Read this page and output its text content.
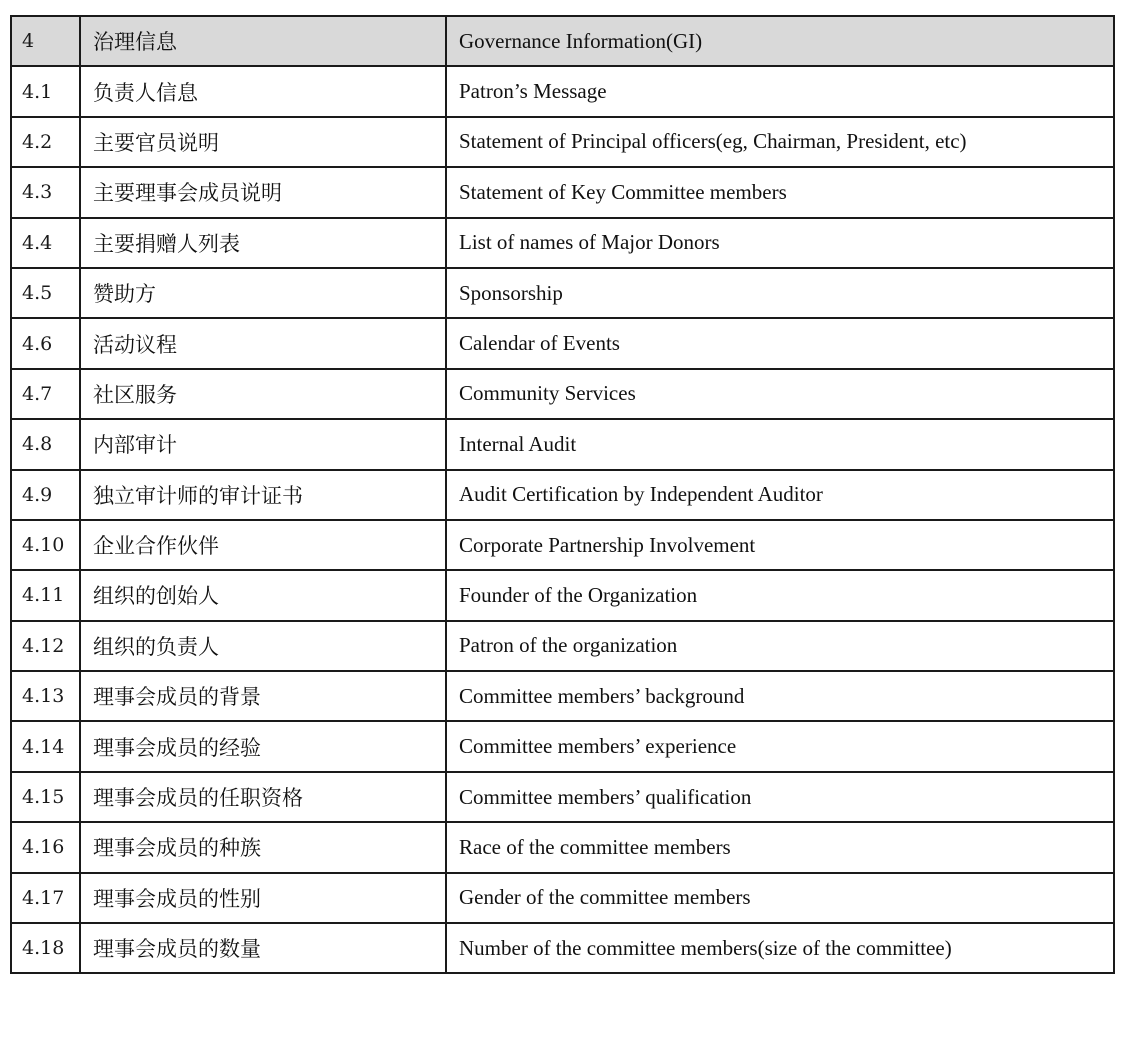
4	治理信息	Governance Information(GI)
4.1	负责人信息	Patron’s Message
4.2	主要官员说明	Statement of Principal officers(eg, Chairman, President, etc)
4.3	主要理事会成员说明	Statement of Key Committee members
4.4	主要捐赠人列表	List of names of Major Donors
4.5	赞助方	Sponsorship
4.6	活动议程	Calendar of Events
4.7	社区服务	Community Services
4.8	内部审计	Internal Audit
4.9	独立审计师的审计证书	Audit Certification by Independent Auditor
4.10	企业合作伙伴	Corporate Partnership Involvement
4.11	组织的创始人	Founder of the Organization
4.12	组织的负责人	Patron of the organization
4.13	理事会成员的背景	Committee members’ background
4.14	理事会成员的经验	Committee members’ experience
4.15	理事会成员的任职资格	Committee members’ qualification
4.16	理事会成员的种族	Race of the committee members
4.17	理事会成员的性别	Gender of the committee members
4.18	理事会成员的数量	Number of the committee members(size of the committee)
